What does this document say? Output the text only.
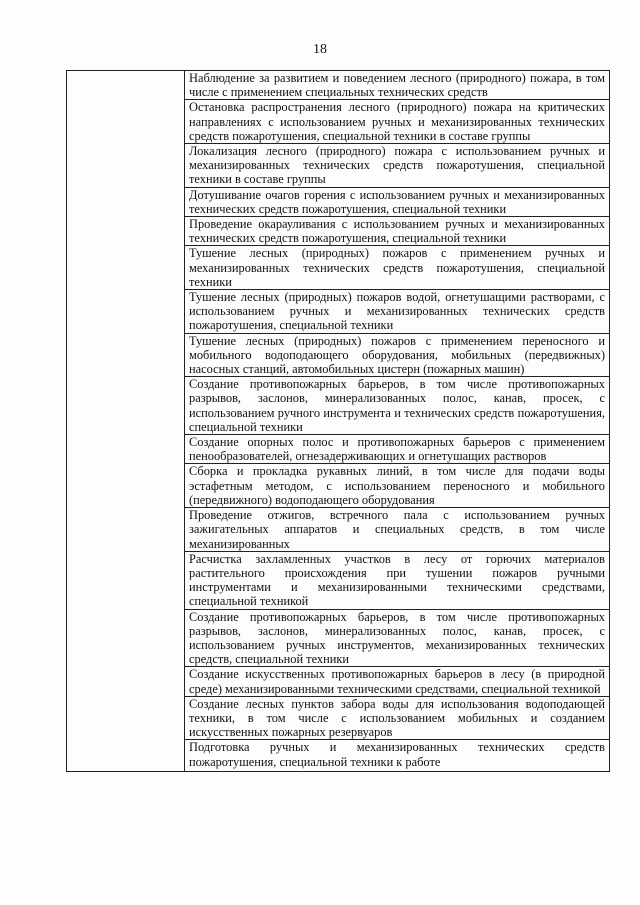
18

Наблюдение за развитием и поведением лесного (природного) пожара, в том числе с применением специальных технических средств

Остановка распространения лесного (природного) пожара на критических направлениях с использованием ручных и механизированных технических средств пожаротушения, специальной техники в составе группы

Локализация лесного (природного) пожара с использованием ручных и механизированных технических средств пожаротушения, специальной техники в составе группы

Дотушивание очагов горения с использованием ручных и механизированных технических средств пожаротушения, специальной техники

Проведение окарауливания с использованием ручных и механизированных технических средств пожаротушения, специальной техники

Тушение лесных (природных) пожаров с применением ручных и механизированных технических средств пожаротушения, специальной техники

Тушение лесных (природных) пожаров водой, огнетушащими растворами, с использованием ручных и механизированных технических средств пожаротушения, специальной техники

Тушение лесных (природных) пожаров с применением переносного и мобильного водоподающего оборудования, мобильных (передвижных) насосных станций, автомобильных цистерн (пожарных машин)

Создание противопожарных барьеров, в том числе противопожарных разрывов, заслонов, минерализованных полос, канав, просек, с использованием ручного инструмента и технических средств пожаротушения, специальной техники

Создание опорных полос и противопожарных барьеров с применением пенообразователей, огнезадерживающих и огнетушащих растворов

Сборка и прокладка рукавных линий, в том числе для подачи воды эстафетным методом, с использованием переносного и мобильного (передвижного) водоподающего оборудования

Проведение отжигов, встречного пала с использованием ручных зажигательных аппаратов и специальных средств, в том числе механизированных

Расчистка захламленных участков в лесу от горючих материалов растительного происхождения при тушении пожаров ручными инструментами и механизированными техническими средствами, специальной техникой

Создание противопожарных барьеров, в том числе противопожарных разрывов, заслонов, минерализованных полос, канав, просек, с использованием ручных инструментов, механизированных технических средств, специальной техники

Создание искусственных противопожарных барьеров в лесу (в природной среде) механизированными техническими средствами, специальной техникой

Создание лесных пунктов забора воды для использования водоподающей техники, в том числе с использованием мобильных и созданием искусственных пожарных резервуаров

Подготовка ручных и механизированных технических средств пожаротушения, специальной техники к работе
